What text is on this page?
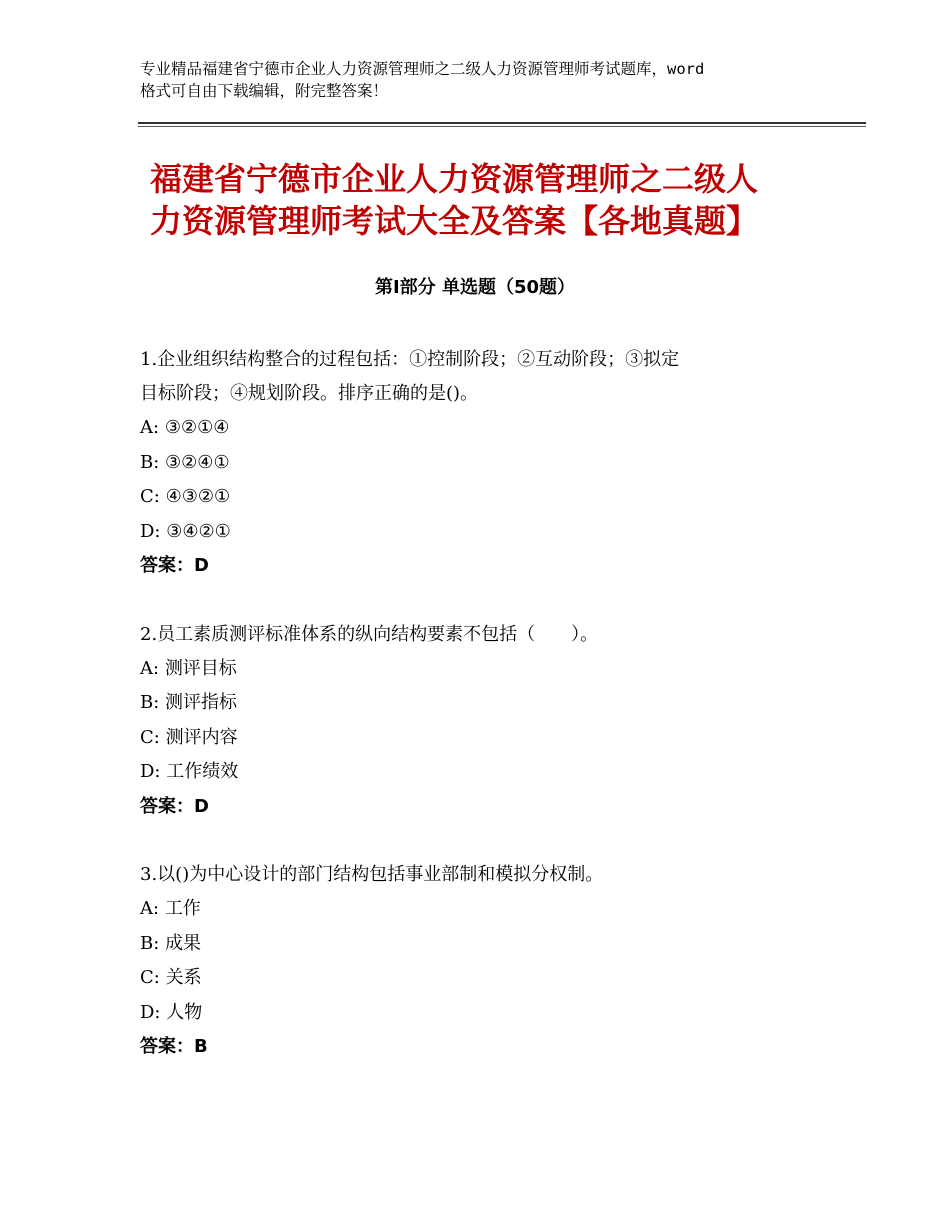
专业精品福建省宁德市企业人力资源管理师之二级人力资源管理师考试题库，word
格式可自由下载编辑，附完整答案！
福建省宁德市企业人力资源管理师之二级人
力资源管理师考试大全及答案【各地真题】
第Ⅰ部分 单选题（50题）
1.企业组织结构整合的过程包括：①控制阶段；②互动阶段；③拟定
目标阶段；④规划阶段。排序正确的是()。
A: ③②①④
B: ③②④①
C: ④③②①
D: ③④②①
答案：D
2.员工素质测评标准体系的纵向结构要素不包括（　　）。
A: 测评目标
B: 测评指标
C: 测评内容
D: 工作绩效
答案：D
3.以()为中心设计的部门结构包括事业部制和模拟分权制。
A: 工作
B: 成果
C: 关系
D: 人物
答案：B
